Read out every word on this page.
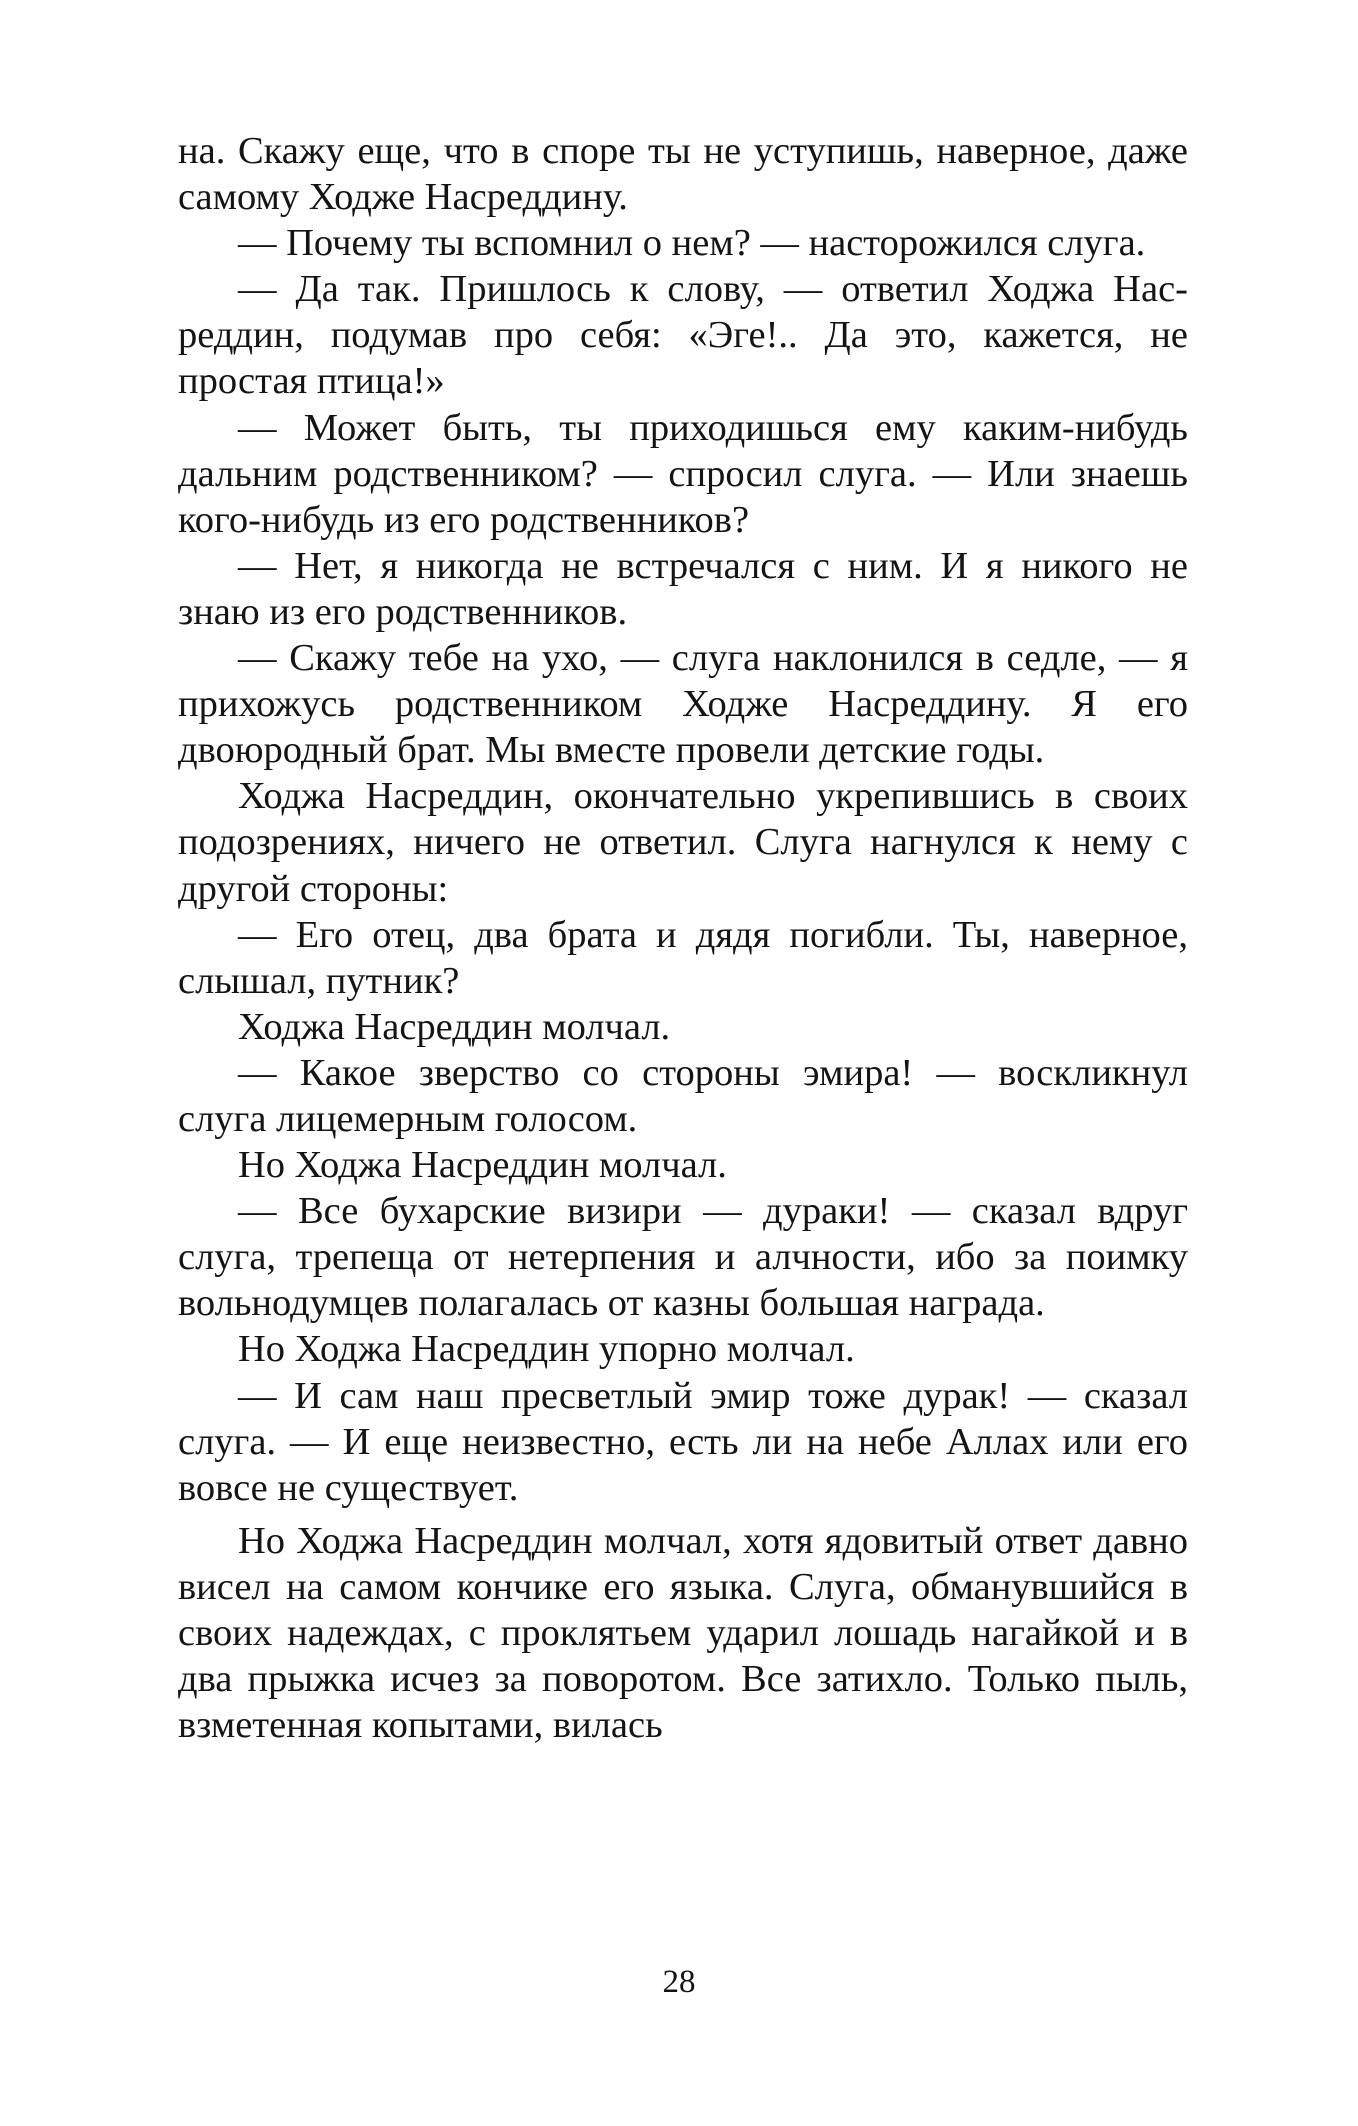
на. Скажу еще, что в споре ты не уступишь, наверное, даже самому Ходже Насреддину.

— Почему ты вспомнил о нем? — насторожился слуга.

— Да так. Пришлось к слову, — ответил Ходжа Насреддин, подумав про себя: «Эге!.. Да это, кажется, не простая птица!»

— Может быть, ты приходишься ему каким-нибудь дальним родственником? — спросил слуга. — Или знаешь кого-нибудь из его родственников?

— Нет, я никогда не встречался с ним. И я никого не знаю из его родственников.

— Скажу тебе на ухо, — слуга наклонился в седле, — я прихожусь родственником Ходже Насреддину. Я его двоюродный брат. Мы вместе провели детские годы.

Ходжа Насреддин, окончательно укрепившись в своих подозрениях, ничего не ответил. Слуга нагнулся к нему с другой стороны:

— Его отец, два брата и дядя погибли. Ты, наверное, слышал, путник?

Ходжа Насреддин молчал.

— Какое зверство со стороны эмира! — воскликнул слуга лицемерным голосом.

Но Ходжа Насреддин молчал.

— Все бухарские визири — дураки! — сказал вдруг слуга, трепеща от нетерпения и алчности, ибо за поимку вольнодумцев полагалась от казны большая награда.

Но Ходжа Насреддин упорно молчал.

— И сам наш пресветлый эмир тоже дурак! — сказал слуга. — И еще неизвестно, есть ли на небе Аллах или его вовсе не существует.

Но Ходжа Насреддин молчал, хотя ядовитый ответ давно висел на самом кончике его языка. Слуга, обманувшийся в своих надеждах, с проклятьем ударил лошадь нагайкой и в два прыжка исчез за поворотом. Все затихло. Только пыль, взметенная копытами, вилась

28
